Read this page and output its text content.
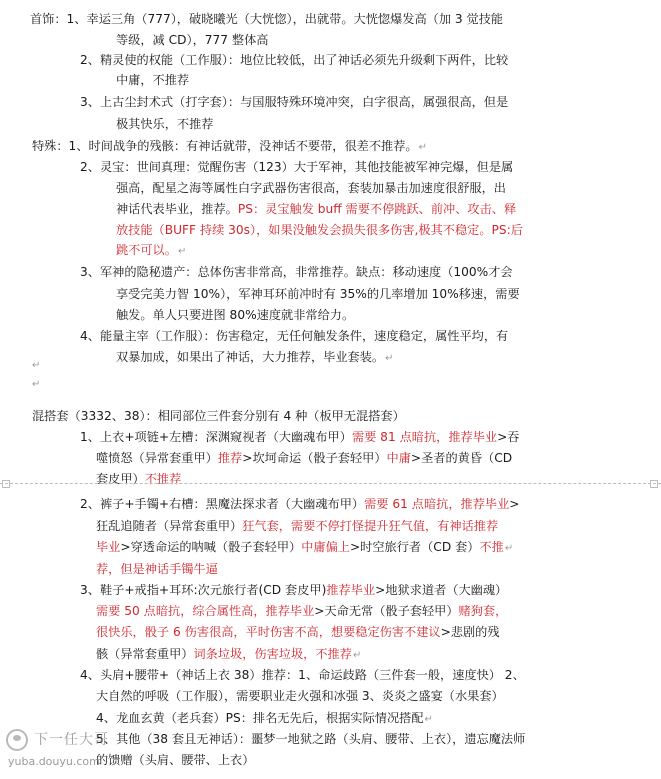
首饰：1、幸运三角（777），破晓曦光（大恍惚），出就带。大恍惚爆发高（加 3 觉技能
等级，减 CD），777 整体高
2、精灵使的权能（工作服）：地位比较低，出了神话必须先升级剩下两件，比较
中庸，不推荐
3、上古尘封术式（打字套）：与国服特殊环境冲突，白字很高，属强很高，但是
极其快乐，不推荐
特殊：1、时间战争的残骸：有神话就带，没神话不要带，很差不推荐。↵
2、灵宝：世间真理：觉醒伤害（123）大于军神，其他技能被军神完爆，但是属
强高，配星之海等属性白字武器伤害很高，套装加暴击加速度很舒服，出
神话代表毕业，推荐。PS：灵宝触发 buff 需要不停跳跃、前冲、攻击、释
放技能（BUFF 持续 30s），如果没触发会损失很多伤害,极其不稳定。PS:后
跳不可以。↵
3、军神的隐秘遗产：总体伤害非常高，非常推荐。缺点：移动速度（100%才会
享受完美力智 10%），军神耳环前冲时有 35%的几率增加 10%移速，需要
触发。单人只要进图 80%速度就非常给力。
4、能量主宰（工作服）：伤害稳定，无任何触发条件，速度稳定，属性平均，有
双暴加成，如果出了神话，大力推荐，毕业套装。↵
混搭套（3332、38）：相同部位三件套分别有 4 种（板甲无混搭套）
1、上衣+项链+左槽：深渊窥视者（大幽魂布甲）需要 81 点暗抗，推荐毕业>吞
噬愤怒（异常套重甲）推荐>坎坷命运（骰子套轻甲）中庸>圣者的黄昏（CD
套皮甲）不推荐
2、裤子+手镯+右槽：黑魔法探求者（大幽魂布甲）需要 61 点暗抗，推荐毕业>
狂乱追随者（异常套重甲）狂气套，需要不停打怪提升狂气值，有神话推荐
毕业>穿透命运的呐喊（骰子套轻甲）中庸偏上>时空旅行者（CD 套）不推↵
荐，但是神话手镯牛逼
3、鞋子+戒指+耳环:次元旅行者(CD 套皮甲)推荐毕业>地狱求道者（大幽魂）
需要 50 点暗抗，综合属性高，推荐毕业>天命无常（骰子套轻甲）赌狗套，
很快乐，骰子 6 伤害很高，平时伤害不高，想要稳定伤害不建议>悲剧的残
骸（异常套重甲）词条垃圾，伤害垃圾，不推荐↵
4、头肩+腰带+（神话上衣 38）推荐：1、命运歧路（三件套一般，速度快） 2、
大自然的呼吸（工作服），需要职业走火强和冰强 3、炎炎之盛宴（水果套）
4、龙血玄黄（老兵套）PS：排名无先后，根据实际情况搭配↵
5、其他（38 套且无神话）：噩梦一地狱之路（头肩、腰带、上衣），遗忘魔法师
的馈赠（头肩、腰带、上衣）
↵
↵
下一任大哥
yuba.douyu.com
